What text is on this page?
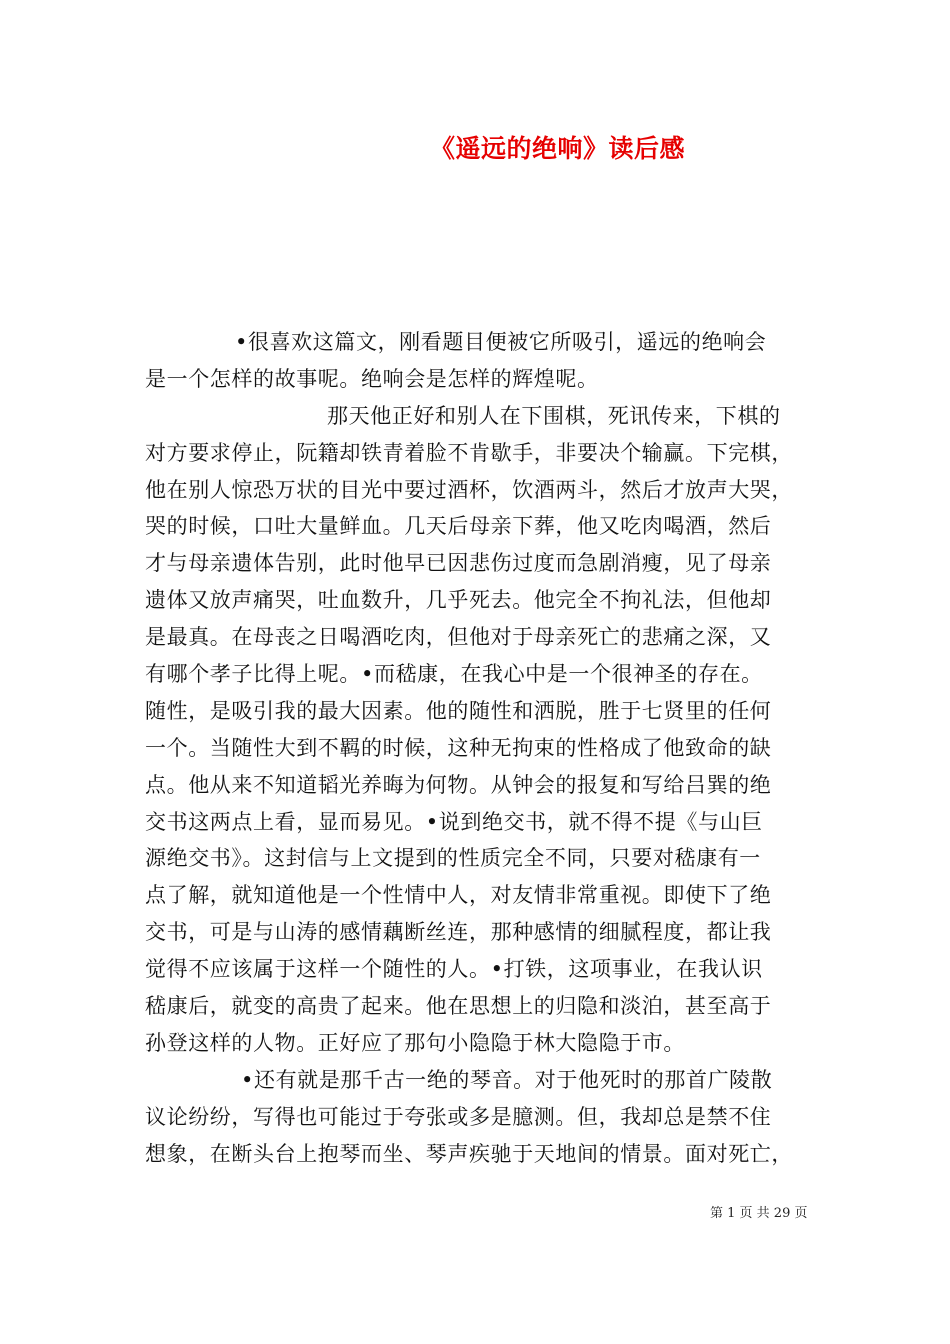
《遥远的绝响》读后感
•很喜欢这篇文，刚看题目便被它所吸引，遥远的绝响会
是一个怎样的故事呢。绝响会是怎样的辉煌呢。
那天他正好和别人在下围棋，死讯传来，下棋的
对方要求停止，阮籍却铁青着脸不肯歇手，非要决个输赢。下完棋，
他在别人惊恐万状的目光中要过酒杯，饮酒两斗，然后才放声大哭，
哭的时候，口吐大量鲜血。几天后母亲下葬，他又吃肉喝酒，然后
才与母亲遗体告别，此时他早已因悲伤过度而急剧消瘦，见了母亲
遗体又放声痛哭，吐血数升，几乎死去。他完全不拘礼法，但他却
是最真。在母丧之日喝酒吃肉，但他对于母亲死亡的悲痛之深，又
有哪个孝子比得上呢。•而嵇康，在我心中是一个很神圣的存在。
随性，是吸引我的最大因素。他的随性和洒脱，胜于七贤里的任何
一个。当随性大到不羁的时候，这种无拘束的性格成了他致命的缺
点。他从来不知道韬光养晦为何物。从钟会的报复和写给吕巽的绝
交书这两点上看，显而易见。•说到绝交书，就不得不提《与山巨
源绝交书》。这封信与上文提到的性质完全不同，只要对嵇康有一
点了解，就知道他是一个性情中人，对友情非常重视。即使下了绝
交书，可是与山涛的感情藕断丝连，那种感情的细腻程度，都让我
觉得不应该属于这样一个随性的人。•打铁，这项事业，在我认识
嵇康后，就变的高贵了起来。他在思想上的归隐和淡泊，甚至高于
孙登这样的人物。正好应了那句小隐隐于林大隐隐于市。
•还有就是那千古一绝的琴音。对于他死时的那首广陵散
议论纷纷，写得也可能过于夸张或多是臆测。但，我却总是禁不住
想象，在断头台上抱琴而坐、琴声疾驰于天地间的情景。面对死亡，
第 1 页 共 29 页
